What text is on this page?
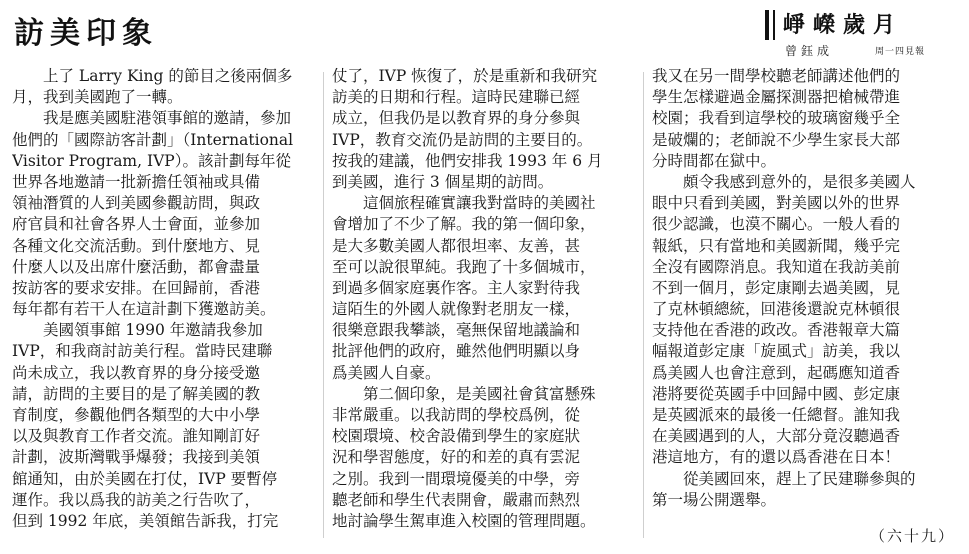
訪美印象	崢嶸歲月
曾鈺成	周一四見報
上了 Larry King 的節目之後兩個多
月，我到美國跑了一轉。
我是應美國駐港領事館的邀請，參加
他們的「國際訪客計劃」（International
Visitor Program, IVP）。該計劃每年從
世界各地邀請一批新擔任領袖或具備
領袖潛質的人到美國參觀訪問，與政
府官員和社會各界人士會面，並參加
各種文化交流活動。到什麼地方、見
什麼人以及出席什麼活動，都會盡量
按訪客的要求安排。在回歸前，香港
每年都有若干人在這計劃下獲邀訪美。
美國領事館 1990 年邀請我參加
IVP，和我商討訪美行程。當時民建聯
尚未成立，我以教育界的身分接受邀
請，訪問的主要目的是了解美國的教
育制度，參觀他們各類型的大中小學
以及與教育工作者交流。誰知剛訂好
計劃，波斯灣戰爭爆發；我接到美領
館通知，由於美國在打仗，IVP 要暫停
運作。我以爲我的訪美之行告吹了，
但到 1992 年底，美領館告訴我，打完
仗了，IVP 恢復了，於是重新和我研究
訪美的日期和行程。這時民建聯已經
成立，但我仍是以教育界的身分參與
IVP，教育交流仍是訪問的主要目的。
按我的建議，他們安排我 1993 年 6 月
到美國，進行 3 個星期的訪問。
這個旅程確實讓我對當時的美國社
會增加了不少了解。我的第一個印象，
是大多數美國人都很坦率、友善，甚
至可以說很單純。我跑了十多個城市，
到過多個家庭裏作客。主人家對待我
這陌生的外國人就像對老朋友一樣，
很樂意跟我攀談，毫無保留地議論和
批評他們的政府，雖然他們明顯以身
爲美國人自豪。
第二個印象，是美國社會貧富懸殊
非常嚴重。以我訪問的學校爲例，從
校園環境、校舍設備到學生的家庭狀
況和學習態度，好的和差的真有雲泥
之別。我到一間環境優美的中學，旁
聽老師和學生代表開會，嚴肅而熱烈
地討論學生駕車進入校園的管理問題。
我又在另一間學校聽老師講述他們的
學生怎樣避過金屬探測器把槍械帶進
校園；我看到這學校的玻璃窗幾乎全
是破爛的；老師說不少學生家長大部
分時間都在獄中。
頗令我感到意外的，是很多美國人
眼中只看到美國，對美國以外的世界
很少認識，也漠不關心。一般人看的
報紙，只有當地和美國新聞，幾乎完
全沒有國際消息。我知道在我訪美前
不到一個月，彭定康剛去過美國，見
了克林頓總統，回港後還說克林頓很
支持他在香港的政改。香港報章大篇
幅報道彭定康「旋風式」訪美，我以
爲美國人也會注意到，起碼應知道香
港將要從英國手中回歸中國、彭定康
是英國派來的最後一任總督。誰知我
在美國遇到的人，大部分竟沒聽過香
港這地方，有的還以爲香港在日本！
從美國回來，趕上了民建聯參與的
第一場公開選舉。
（六十九）
